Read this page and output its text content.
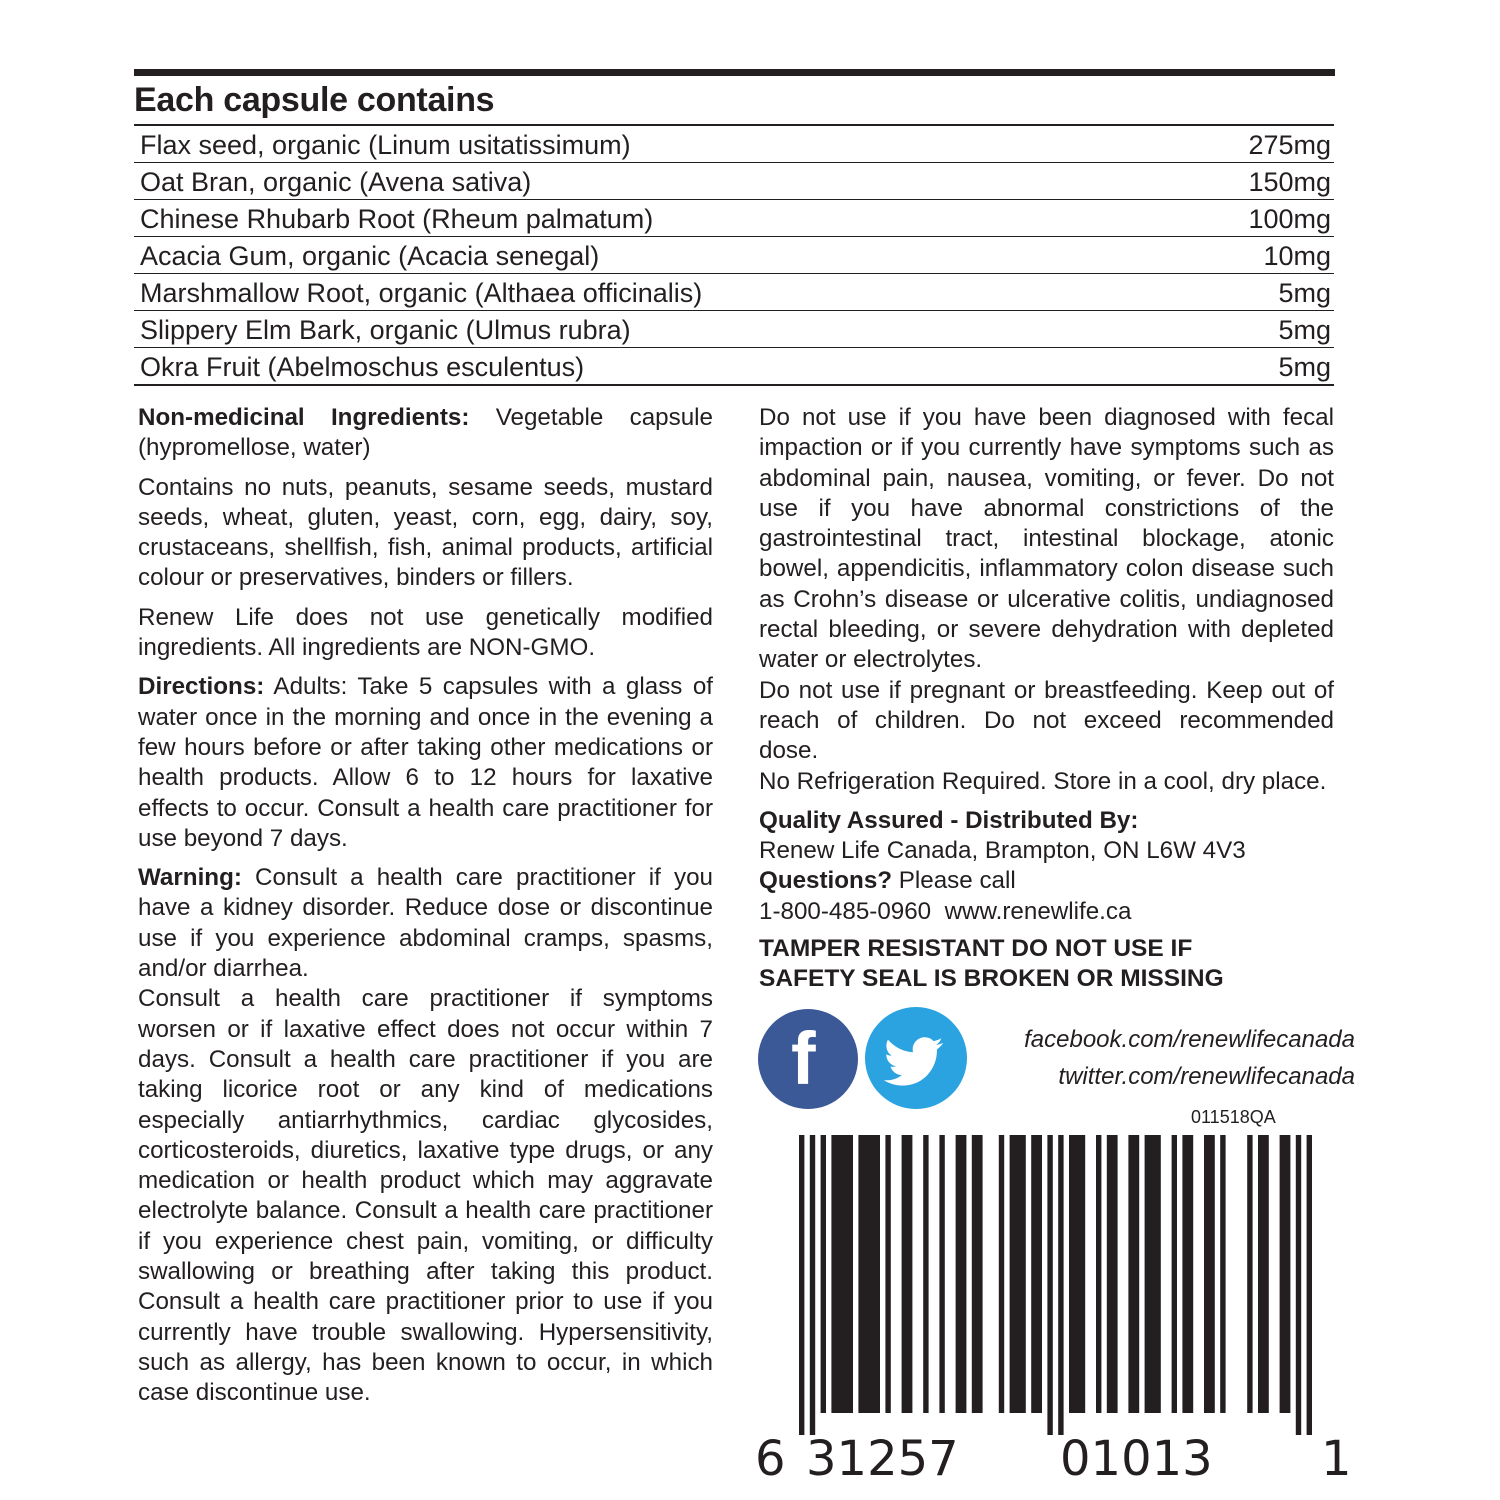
Each capsule contains
Flax seed, organic (Linum usitatissimum)	275mg
Oat Bran, organic (Avena sativa)	150mg
Chinese Rhubarb Root (Rheum palmatum)	100mg
Acacia Gum, organic (Acacia senegal)	10mg
Marshmallow Root, organic (Althaea officinalis)	5mg
Slippery Elm Bark, organic (Ulmus rubra)	5mg
Okra Fruit (Abelmoschus esculentus)	5mg

Non-medicinal Ingredients: Vegetable capsule (hypromellose, water)

Contains no nuts, peanuts, sesame seeds, mustard seeds, wheat, gluten, yeast, corn, egg, dairy, soy, crustaceans, shellfish, fish, animal products, artificial colour or preservatives, binders or fillers.

Renew Life does not use genetically modified ingredients. All ingredients are NON-GMO.

Directions: Adults: Take 5 capsules with a glass of water once in the morning and once in the evening a few hours before or after taking other medications or health products. Allow 6 to 12 hours for laxative effects to occur. Consult a health care practitioner for use beyond 7 days.

Warning: Consult a health care practitioner if you have a kidney disorder. Reduce dose or discontinue use if you experience abdominal cramps, spasms, and/or diarrhea.

Consult a health care practitioner if symptoms worsen or if laxative effect does not occur within 7 days. Consult a health care practitioner if you are taking licorice root or any kind of medications especially antiarrhythmics, cardiac glycosides, corticosteroids, diuretics, laxative type drugs, or any medication or health product which may aggravate electrolyte balance. Consult a health care practitioner if you experience chest pain, vomiting, or difficulty swallowing or breathing after taking this product. Consult a health care practitioner prior to use if you currently have trouble swallowing. Hypersensitivity, such as allergy, has been known to occur, in which case discontinue use.

Do not use if you have been diagnosed with fecal impaction or if you currently have symptoms such as abdominal pain, nausea, vomiting, or fever. Do not use if you have abnormal constrictions of the gastrointestinal tract, intestinal blockage, atonic bowel, appendicitis, inflammatory colon disease such as Crohn’s disease or ulcerative colitis, undiagnosed rectal bleeding, or severe dehydration with depleted water or electrolytes.

Do not use if pregnant or breastfeeding. Keep out of reach of children. Do not exceed recommended dose.

No Refrigeration Required. Store in a cool, dry place.

Quality Assured - Distributed By:
Renew Life Canada, Brampton, ON L6W 4V3
Questions? Please call
1-800-485-0960 www.renewlife.ca

TAMPER RESISTANT DO NOT USE IF
SAFETY SEAL IS BROKEN OR MISSING
f	facebook.com/renewlifecanada
twitter.com/renewlifecanada
011518QA
6 31257 01013 1
